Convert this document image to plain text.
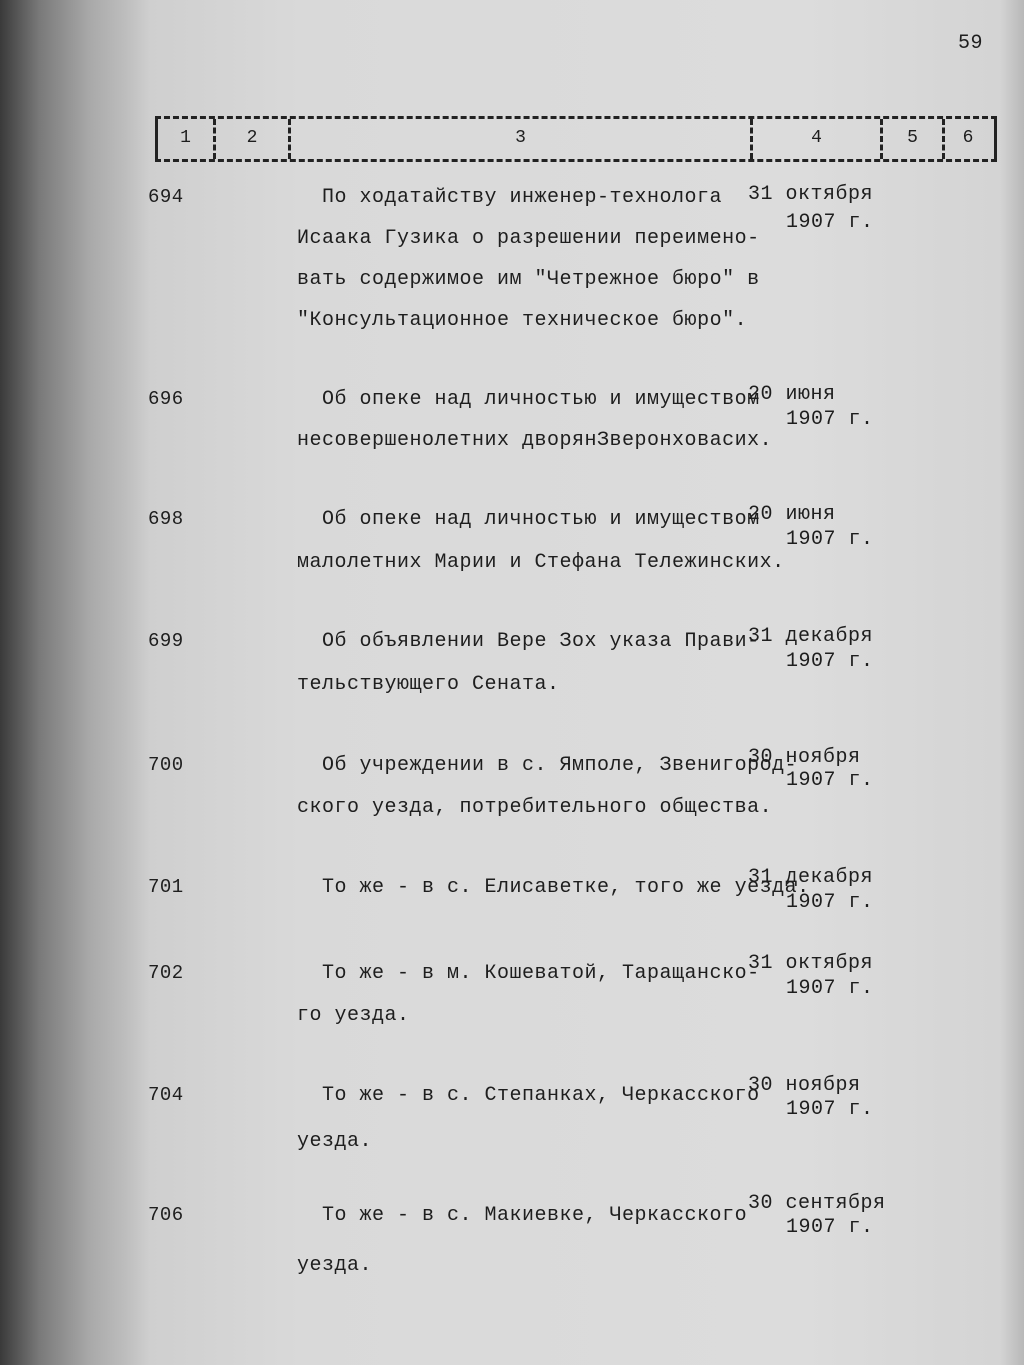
59
1	2	3	4	5	6
694	По ходатайству инженер-технолога
Исаака Гузика о разрешении переимено-
вать содержимое им "Четрежное бюро" в
"Консультационное техническое бюро".
31 октября
1907 г.
696	Об опеке над личностью и имуществом
несовершенолетних дворянЗверонховасих.
20 июня
1907 г.
698	Об опеке над личностью и имуществом
малолетних Марии и Стефана Тележинских.
20 июня
1907 г.
699	Об объявлении Вере Зох указа Прави-
тельствующего Сената.
31 декабря
1907 г.
700	Об учреждении в с. Ямполе, Звенигород-
ского уезда, потребительного общества.
30 ноября
1907 г.
701	То же - в с. Елисаветке, того же уезда.
31 декабря
1907 г.
702	То же - в м. Кошеватой, Таращанско-
го уезда.
31 октября
1907 г.
704	То же - в с. Степанках, Черкасского
уезда.
30 ноября
1907 г.
706	То же - в с. Макиевке, Черкасского
уезда.
30 сентября
1907 г.
